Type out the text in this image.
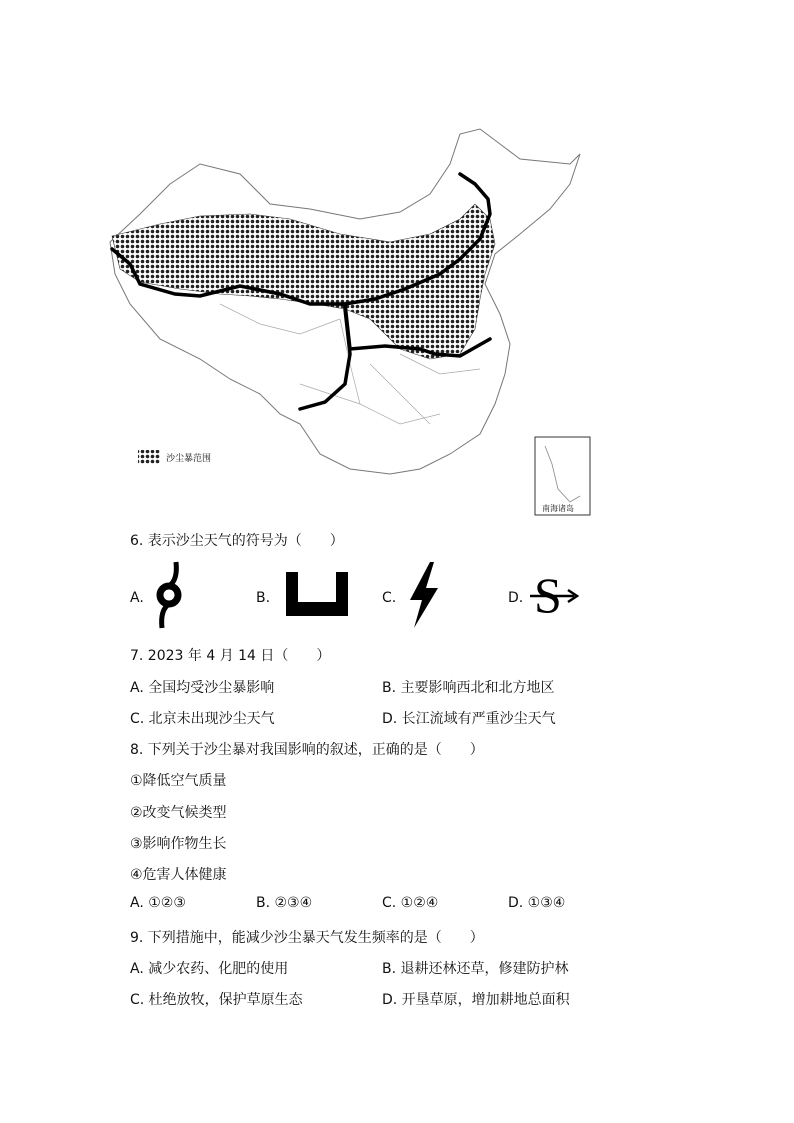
沙尘暴范围
南海诸岛
6. 表示沙尘天气的符号为（　　）
A.	B.	C.	D. S
7. 2023 年 4 月 14 日（　　）
A. 全国均受沙尘暴影响	B. 主要影响西北和北方地区
C. 北京未出现沙尘天气	D. 长江流域有严重沙尘天气
8. 下列关于沙尘暴对我国影响的叙述，正确的是（　　）
①降低空气质量
②改变气候类型
③影响作物生长
④危害人体健康
A. ①②③	B. ②③④	C. ①②④	D. ①③④
9. 下列措施中，能减少沙尘暴天气发生频率的是（　　）
A. 减少农药、化肥的使用	B. 退耕还林还草，修建防护林
C. 杜绝放牧，保护草原生态	D. 开垦草原，增加耕地总面积
